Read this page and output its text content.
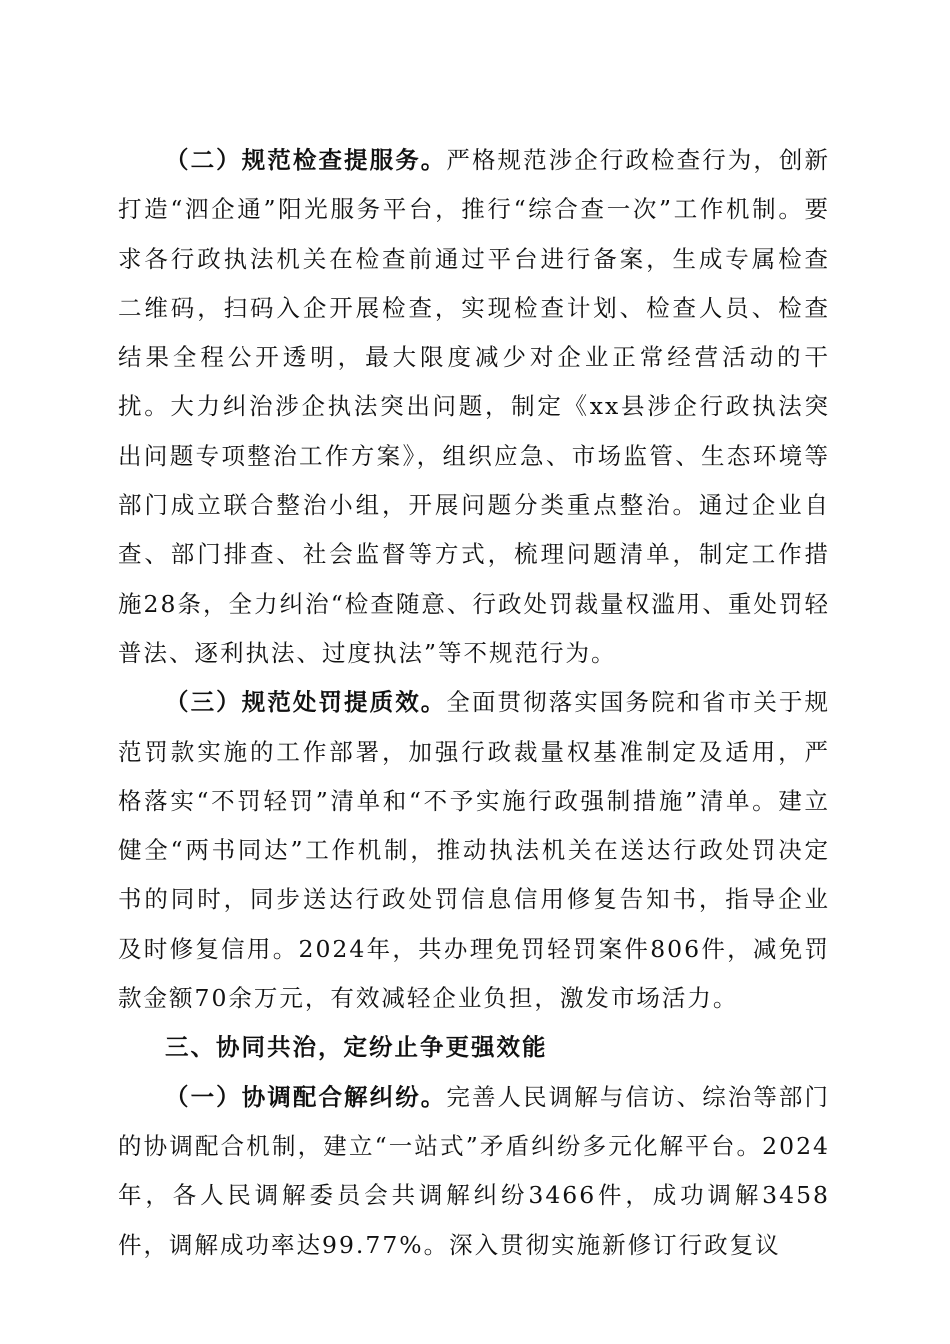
（二）规范检查提服务。严格规范涉企行政检查行为，创新打造“泗企通”阳光服务平台，推行“综合查一次”工作机制。要求各行政执法机关在检查前通过平台进行备案，生成专属检查二维码，扫码入企开展检查，实现检查计划、检查人员、检查结果全程公开透明，最大限度减少对企业正常经营活动的干扰。大力纠治涉企执法突出问题，制定《xx县涉企行政执法突出问题专项整治工作方案》，组织应急、市场监管、生态环境等部门成立联合整治小组，开展问题分类重点整治。通过企业自查、部门排查、社会监督等方式，梳理问题清单，制定工作措施28条，全力纠治“检查随意、行政处罚裁量权滥用、重处罚轻普法、逐利执法、过度执法”等不规范行为。

（三）规范处罚提质效。全面贯彻落实国务院和省市关于规范罚款实施的工作部署，加强行政裁量权基准制定及适用，严格落实“不罚轻罚”清单和“不予实施行政强制措施”清单。建立健全“两书同达”工作机制，推动执法机关在送达行政处罚决定书的同时，同步送达行政处罚信息信用修复告知书，指导企业及时修复信用。2024年，共办理免罚轻罚案件806件，减免罚款金额70余万元，有效减轻企业负担，激发市场活力。

三、协同共治，定纷止争更强效能

（一）协调配合解纠纷。完善人民调解与信访、综治等部门的协调配合机制，建立“一站式”矛盾纠纷多元化解平台。2024年，各人民调解委员会共调解纠纷3466件，成功调解3458件，调解成功率达99.77%。深入贯彻实施新修订行政复议
